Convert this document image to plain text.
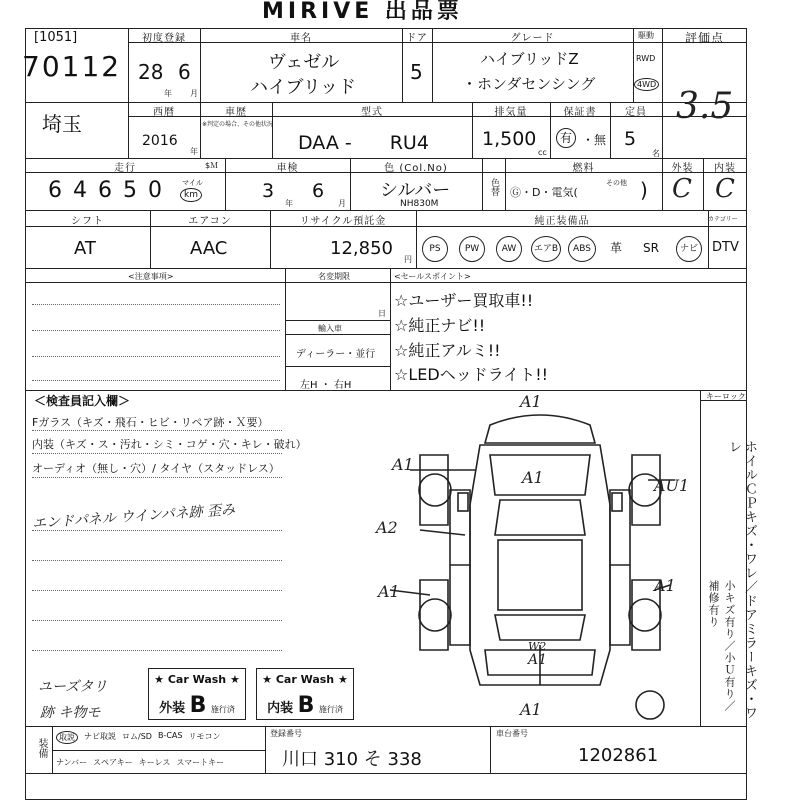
MIRIVE 出品票
[1051]
70112
初度登録
28 6
年 月
車名
ヴェゼル
ハイブリッド
ドア
5
グレード
ハイブリッドZ
・ホンダセンシング
駆動
RWD
4WD
評価点
3.5
埼玉	西暦
2016
年
車歴
※判定の場合、その他状況
型式
DAA -　　RU4
排気量
1,500
cc
保証書
有 ・無
定員
5
名
走行	$Ｍ
6 4 6 5 0	マイル
km
車検
3 6
年	月
色 (Col.No)
シルバー
NH830M
色替
燃料
Ⓖ・D・電気(
その他 )
外装
C
内装
C
シフト
AT
エアコン
AAC
リサイクル預託金
12,850
円
純正装備品
PS	PW	AW	エアB	ABS	革	SR	ナビ
カテゴリー
DTV
<注意事項>	名変期限
日
輸入車
ディーラー・並行
左H ・ 右H
<セールスポイント>
☆ユーザー買取車!!
☆純正ナビ!!
☆純正アルミ!!
☆LEDヘッドライト!!
キーロック
＜検査員記入欄＞
Fガラス（キズ・飛石・ヒビ・リペア跡・Ｘ要）
内装（キズ・ス・汚れ・シミ・コゲ・穴・キレ・破れ）
オーディオ（無し・穴）/ タイヤ（スタッドレス）
エンドパネル ウインパネ跡 歪み
ユーズタリ
跡 キ物モ
★ Car Wash ★
外装 B 施行済
★ Car Wash ★
内装 B 施行済
A1
A1
A1	AU1
A2
A1	A1
W2
A1
A1	ホイルＣＰキズ・ワレ／ドアミラーキズ・ワレ
小キズ有り／小Ｕ有り／補修有り
装備
取説	ナビ取説 ロム/SD B-CAS リモコン
ナンバー スペアキー キーレス スマートキー
登録番号
川口 310 そ 338
車台番号
1202861
